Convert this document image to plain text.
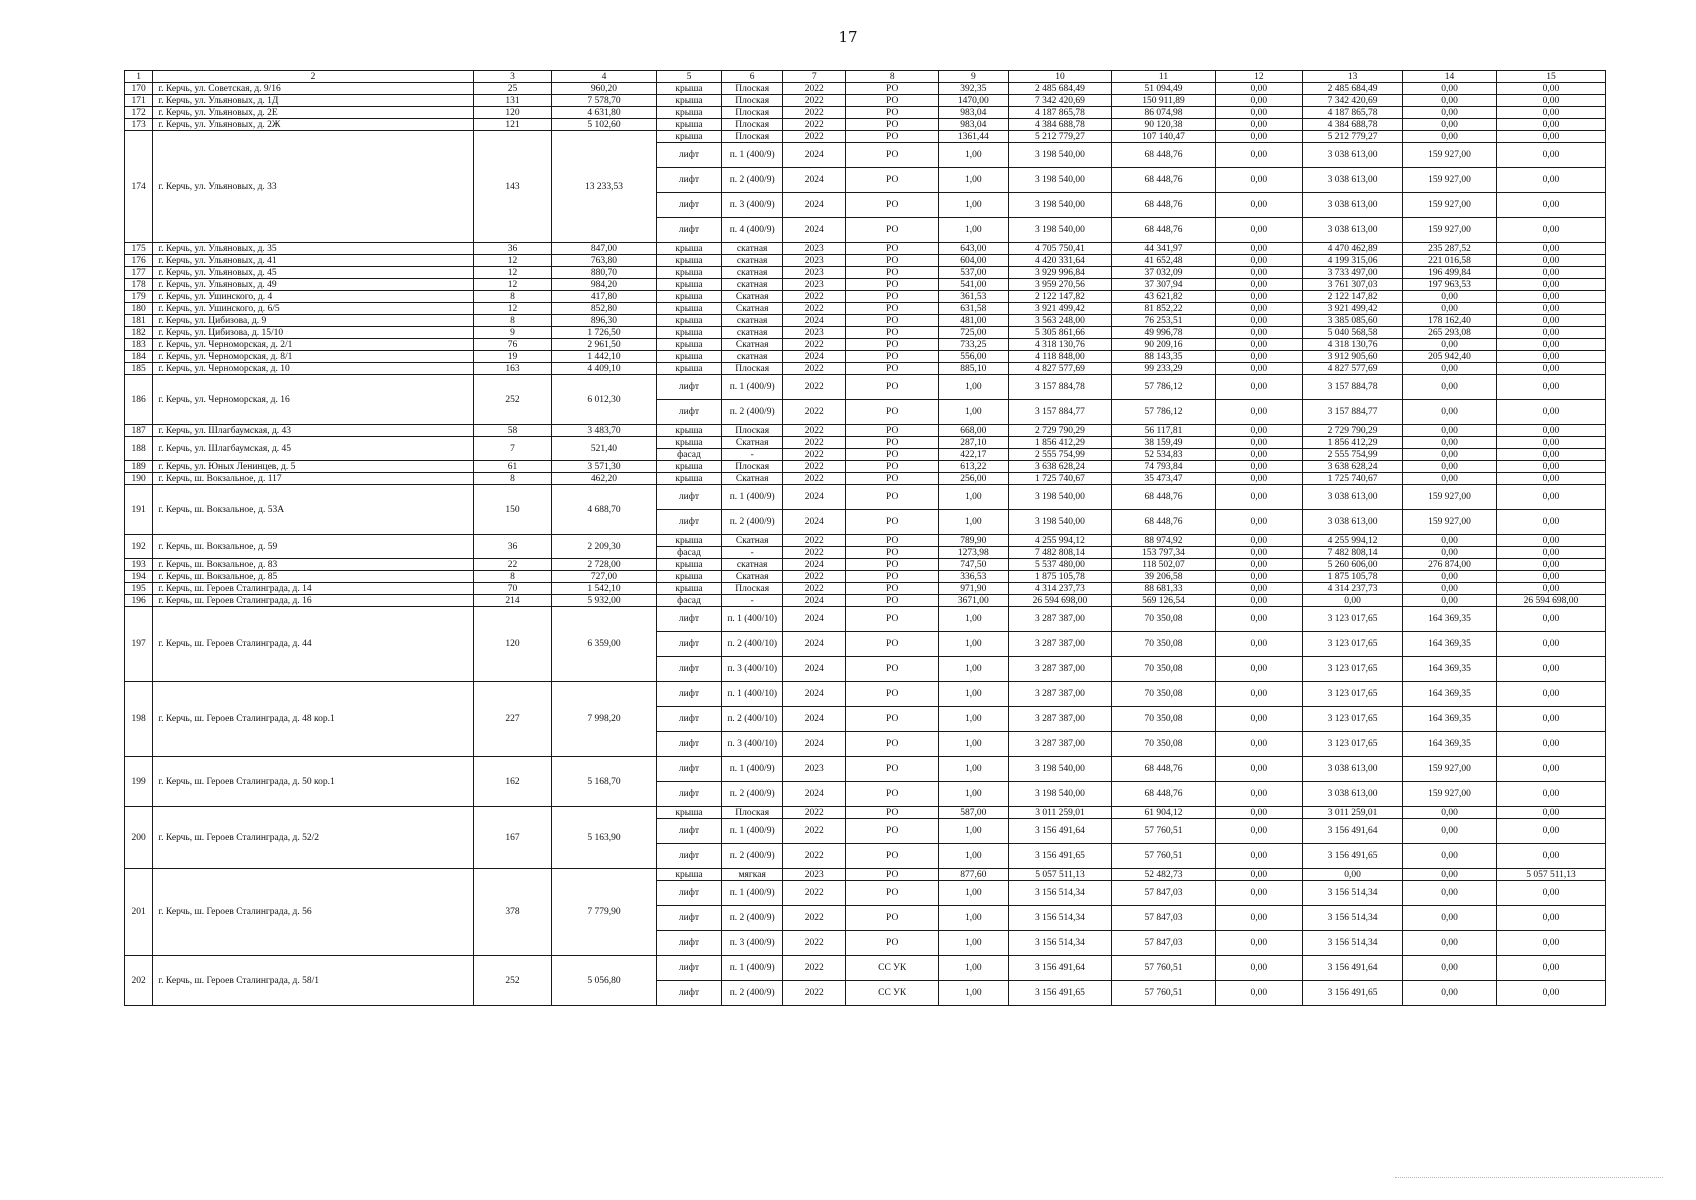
17
1	2	3	4	5	6	7	8	9	10	11	12	13	14	15
170	г. Керчь, ул. Советская, д. 9/16	25	960,20	крыша	Плоская	2022	РО	392,35	2 485 684,49	51 094,49	0,00	2 485 684,49	0,00	0,00
171	г. Керчь, ул. Ульяновых, д. 1Д	131	7 578,70	крыша	Плоская	2022	РО	1470,00	7 342 420,69	150 911,89	0,00	7 342 420,69	0,00	0,00
172	г. Керчь, ул. Ульяновых, д. 2Е	120	4 631,80	крыша	Плоская	2022	РО	983,04	4 187 865,78	86 074,98	0,00	4 187 865,78	0,00	0,00
173	г. Керчь, ул. Ульяновых, д. 2Ж	121	5 102,60	крыша	Плоская	2022	РО	983,04	4 384 688,78	90 120,38	0,00	4 384 688,78	0,00	0,00
174	г. Керчь, ул. Ульяновых, д. 33	143	13 233,53	крыша	Плоская	2022	РО	1361,44	5 212 779,27	107 140,47	0,00	5 212 779,27	0,00	0,00
				лифт	п. 1 (400/9)	2024	РО	1,00	3 198 540,00	68 448,76	0,00	3 038 613,00	159 927,00	0,00
				лифт	п. 2 (400/9)	2024	РО	1,00	3 198 540,00	68 448,76	0,00	3 038 613,00	159 927,00	0,00
				лифт	п. 3 (400/9)	2024	РО	1,00	3 198 540,00	68 448,76	0,00	3 038 613,00	159 927,00	0,00
				лифт	п. 4 (400/9)	2024	РО	1,00	3 198 540,00	68 448,76	0,00	3 038 613,00	159 927,00	0,00
175	г. Керчь, ул. Ульяновых, д. 35	36	847,00	крыша	скатная	2023	РО	643,00	4 705 750,41	44 341,97	0,00	4 470 462,89	235 287,52	0,00
176	г. Керчь, ул. Ульяновых, д. 41	12	763,80	крыша	скатная	2023	РО	604,00	4 420 331,64	41 652,48	0,00	4 199 315,06	221 016,58	0,00
177	г. Керчь, ул. Ульяновых, д. 45	12	880,70	крыша	скатная	2023	РО	537,00	3 929 996,84	37 032,09	0,00	3 733 497,00	196 499,84	0,00
178	г. Керчь, ул. Ульяновых, д. 49	12	984,20	крыша	скатная	2023	РО	541,00	3 959 270,56	37 307,94	0,00	3 761 307,03	197 963,53	0,00
179	г. Керчь, ул. Ушинского, д. 4	8	417,80	крыша	Скатная	2022	РО	361,53	2 122 147,82	43 621,82	0,00	2 122 147,82	0,00	0,00
180	г. Керчь, ул. Ушинского, д. 6/5	12	852,80	крыша	Скатная	2022	РО	631,58	3 921 499,42	81 852,22	0,00	3 921 499,42	0,00	0,00
181	г. Керчь, ул. Цибизова, д. 9	8	896,30	крыша	скатная	2024	РО	481,00	3 563 248,00	76 253,51	0,00	3 385 085,60	178 162,40	0,00
182	г. Керчь, ул. Цибизова, д. 15/10	9	1 726,50	крыша	скатная	2023	РО	725,00	5 305 861,66	49 996,78	0,00	5 040 568,58	265 293,08	0,00
183	г. Керчь, ул. Черноморская, д. 2/1	76	2 961,50	крыша	Скатная	2022	РО	733,25	4 318 130,76	90 209,16	0,00	4 318 130,76	0,00	0,00
184	г. Керчь, ул. Черноморская, д. 8/1	19	1 442,10	крыша	скатная	2024	РО	556,00	4 118 848,00	88 143,35	0,00	3 912 905,60	205 942,40	0,00
185	г. Керчь, ул. Черноморская, д. 10	163	4 409,10	крыша	Плоская	2022	РО	885,10	4 827 577,69	99 233,29	0,00	4 827 577,69	0,00	0,00
186	г. Керчь, ул. Черноморская, д. 16	252	6 012,30	лифт	п. 1 (400/9)	2022	РО	1,00	3 157 884,78	57 786,12	0,00	3 157 884,78	0,00	0,00
				лифт	п. 2 (400/9)	2022	РО	1,00	3 157 884,77	57 786,12	0,00	3 157 884,77	0,00	0,00
187	г. Керчь, ул. Шлагбаумская, д. 43	58	3 483,70	крыша	Плоская	2022	РО	668,00	2 729 790,29	56 117,81	0,00	2 729 790,29	0,00	0,00
188	г. Керчь, ул. Шлагбаумская, д. 45	7	521,40	крыша	Скатная	2022	РО	287,10	1 856 412,29	38 159,49	0,00	1 856 412,29	0,00	0,00
				фасад	-	2022	РО	422,17	2 555 754,99	52 534,83	0,00	2 555 754,99	0,00	0,00
189	г. Керчь, ул. Юных Ленинцев, д. 5	61	3 571,30	крыша	Плоская	2022	РО	613,22	3 638 628,24	74 793,84	0,00	3 638 628,24	0,00	0,00
190	г. Керчь, ш. Вокзальное, д. 117	8	462,20	крыша	Скатная	2022	РО	256,00	1 725 740,67	35 473,47	0,00	1 725 740,67	0,00	0,00
191	г. Керчь, ш. Вокзальное, д. 53А	150	4 688,70	лифт	п. 1 (400/9)	2024	РО	1,00	3 198 540,00	68 448,76	0,00	3 038 613,00	159 927,00	0,00
				лифт	п. 2 (400/9)	2024	РО	1,00	3 198 540,00	68 448,76	0,00	3 038 613,00	159 927,00	0,00
192	г. Керчь, ш. Вокзальное, д. 59	36	2 209,30	крыша	Скатная	2022	РО	789,90	4 255 994,12	88 974,92	0,00	4 255 994,12	0,00	0,00
				фасад	-	2022	РО	1273,98	7 482 808,14	153 797,34	0,00	7 482 808,14	0,00	0,00
193	г. Керчь, ш. Вокзальное, д. 83	22	2 728,00	крыша	скатная	2024	РО	747,50	5 537 480,00	118 502,07	0,00	5 260 606,00	276 874,00	0,00
194	г. Керчь, ш. Вокзальное, д. 85	8	727,00	крыша	Скатная	2022	РО	336,53	1 875 105,78	39 206,58	0,00	1 875 105,78	0,00	0,00
195	г. Керчь, ш. Героев Сталинграда, д. 14	70	1 542,10	крыша	Плоская	2022	РО	971,90	4 314 237,73	88 681,33	0,00	4 314 237,73	0,00	0,00
196	г. Керчь, ш. Героев Сталинграда, д. 16	214	5 932,00	фасад	-	2024	РО	3671,00	26 594 698,00	569 126,54	0,00	0,00	0,00	26 594 698,00
197	г. Керчь, ш. Героев Сталинграда, д. 44	120	6 359,00	лифт	п. 1 (400/10)	2024	РО	1,00	3 287 387,00	70 350,08	0,00	3 123 017,65	164 369,35	0,00
				лифт	п. 2 (400/10)	2024	РО	1,00	3 287 387,00	70 350,08	0,00	3 123 017,65	164 369,35	0,00
				лифт	п. 3 (400/10)	2024	РО	1,00	3 287 387,00	70 350,08	0,00	3 123 017,65	164 369,35	0,00
198	г. Керчь, ш. Героев Сталинграда, д. 48 кор.1	227	7 998,20	лифт	п. 1 (400/10)	2024	РО	1,00	3 287 387,00	70 350,08	0,00	3 123 017,65	164 369,35	0,00
				лифт	п. 2 (400/10)	2024	РО	1,00	3 287 387,00	70 350,08	0,00	3 123 017,65	164 369,35	0,00
				лифт	п. 3 (400/10)	2024	РО	1,00	3 287 387,00	70 350,08	0,00	3 123 017,65	164 369,35	0,00
199	г. Керчь, ш. Героев Сталинграда, д. 50 кор.1	162	5 168,70	лифт	п. 1 (400/9)	2023	РО	1,00	3 198 540,00	68 448,76	0,00	3 038 613,00	159 927,00	0,00
				лифт	п. 2 (400/9)	2024	РО	1,00	3 198 540,00	68 448,76	0,00	3 038 613,00	159 927,00	0,00
200	г. Керчь, ш. Героев Сталинграда, д. 52/2	167	5 163,90	крыша	Плоская	2022	РО	587,00	3 011 259,01	61 904,12	0,00	3 011 259,01	0,00	0,00
				лифт	п. 1 (400/9)	2022	РО	1,00	3 156 491,64	57 760,51	0,00	3 156 491,64	0,00	0,00
				лифт	п. 2 (400/9)	2022	РО	1,00	3 156 491,65	57 760,51	0,00	3 156 491,65	0,00	0,00
201	г. Керчь, ш. Героев Сталинграда, д. 56	378	7 779,90	крыша	мягкая	2023	РО	877,60	5 057 511,13	52 482,73	0,00	0,00	0,00	5 057 511,13
				лифт	п. 1 (400/9)	2022	РО	1,00	3 156 514,34	57 847,03	0,00	3 156 514,34	0,00	0,00
				лифт	п. 2 (400/9)	2022	РО	1,00	3 156 514,34	57 847,03	0,00	3 156 514,34	0,00	0,00
				лифт	п. 3 (400/9)	2022	РО	1,00	3 156 514,34	57 847,03	0,00	3 156 514,34	0,00	0,00
202	г. Керчь, ш. Героев Сталинграда, д. 58/1	252	5 056,80	лифт	п. 1 (400/9)	2022	СС УК	1,00	3 156 491,64	57 760,51	0,00	3 156 491,64	0,00	0,00
				лифт	п. 2 (400/9)	2022	СС УК	1,00	3 156 491,65	57 760,51	0,00	3 156 491,65	0,00	0,00
